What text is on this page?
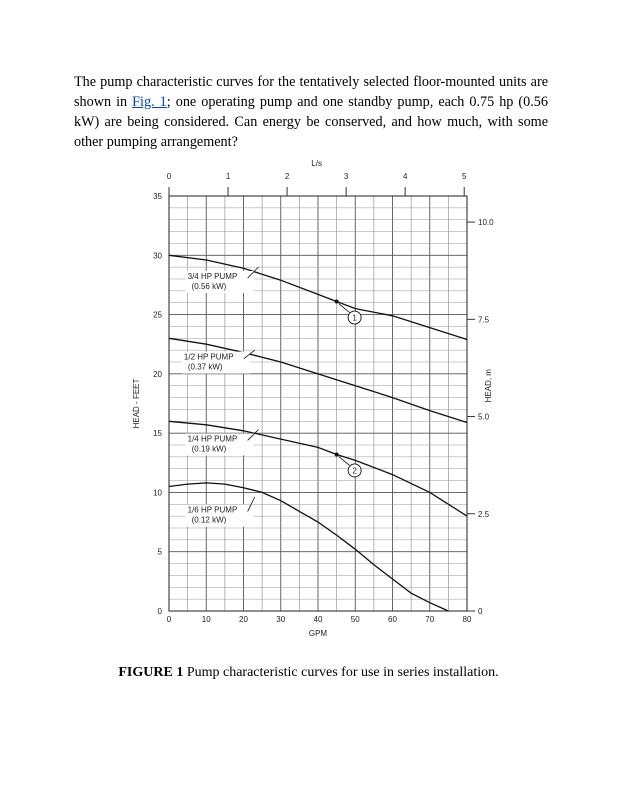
The pump characteristic curves for the tentatively selected floor-mounted units are shown in Fig. 1; one operating pump and one standby pump, each 0.75 hp (0.56 kW) are being considered. Can energy be conserved, and how much, with some other pumping arrangement?

0
5
10
15
20
25
30
35
0	10	20	30	40	50	60	70	80
GPM
0	1	2	3	4	5
L/s
HEAD - FEET
0
2.5
5.0
7.5
10.0
HEAD, m
3/4 HP PUMP
(0.56 kW)
1/2 HP PUMP
(0.37 kW)
1/4 HP PUMP
(0.19 kW)
1/6 HP PUMP
(0.12 kW)
1
2

FIGURE 1 Pump characteristic curves for use in series installation.
